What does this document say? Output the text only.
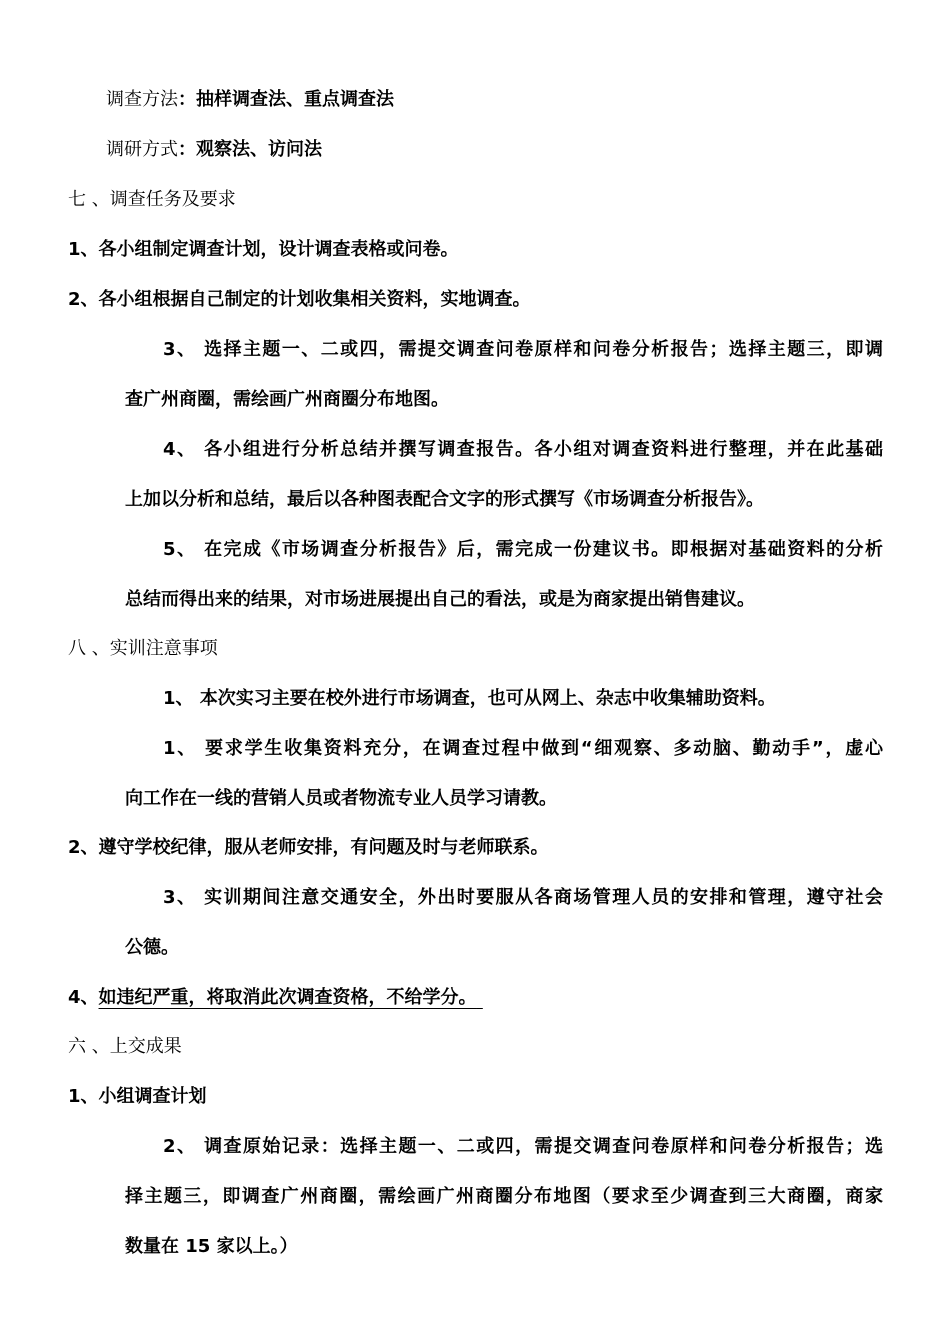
调查方法：抽样调查法、重点调查法
调研方式：观察法、访问法
七 、调查任务及要求
1、各小组制定调查计划，设计调查表格或问卷。
2、各小组根据自己制定的计划收集相关资料，实地调查。
3、 选择主题一、二或四，需提交调查问卷原样和问卷分析报告；选择主题三，即调
查广州商圈，需绘画广州商圈分布地图。
4、 各小组进行分析总结并撰写调查报告。各小组对调查资料进行整理，并在此基础
上加以分析和总结，最后以各种图表配合文字的形式撰写《市场调查分析报告》。
5、 在完成《市场调查分析报告》后，需完成一份建议书。即根据对基础资料的分析
总结而得出来的结果，对市场进展提出自己的看法，或是为商家提出销售建议。
八 、实训注意事项
1、 本次实习主要在校外进行市场调查，也可从网上、杂志中收集辅助资料。
1、 要求学生收集资料充分，在调查过程中做到“细观察、多动脑、勤动手”，虚心
向工作在一线的营销人员或者物流专业人员学习请教。
2、遵守学校纪律，服从老师安排，有问题及时与老师联系。
3、 实训期间注意交通安全，外出时要服从各商场管理人员的安排和管理，遵守社会
公德。
4、如违纪严重，将取消此次调查资格，不给学分。
六 、上交成果
1、小组调查计划
2、 调查原始记录：选择主题一、二或四，需提交调查问卷原样和问卷分析报告；选
择主题三，即调查广州商圈，需绘画广州商圈分布地图（要求至少调查到三大商圈，商家
数量在 15 家以上。）
